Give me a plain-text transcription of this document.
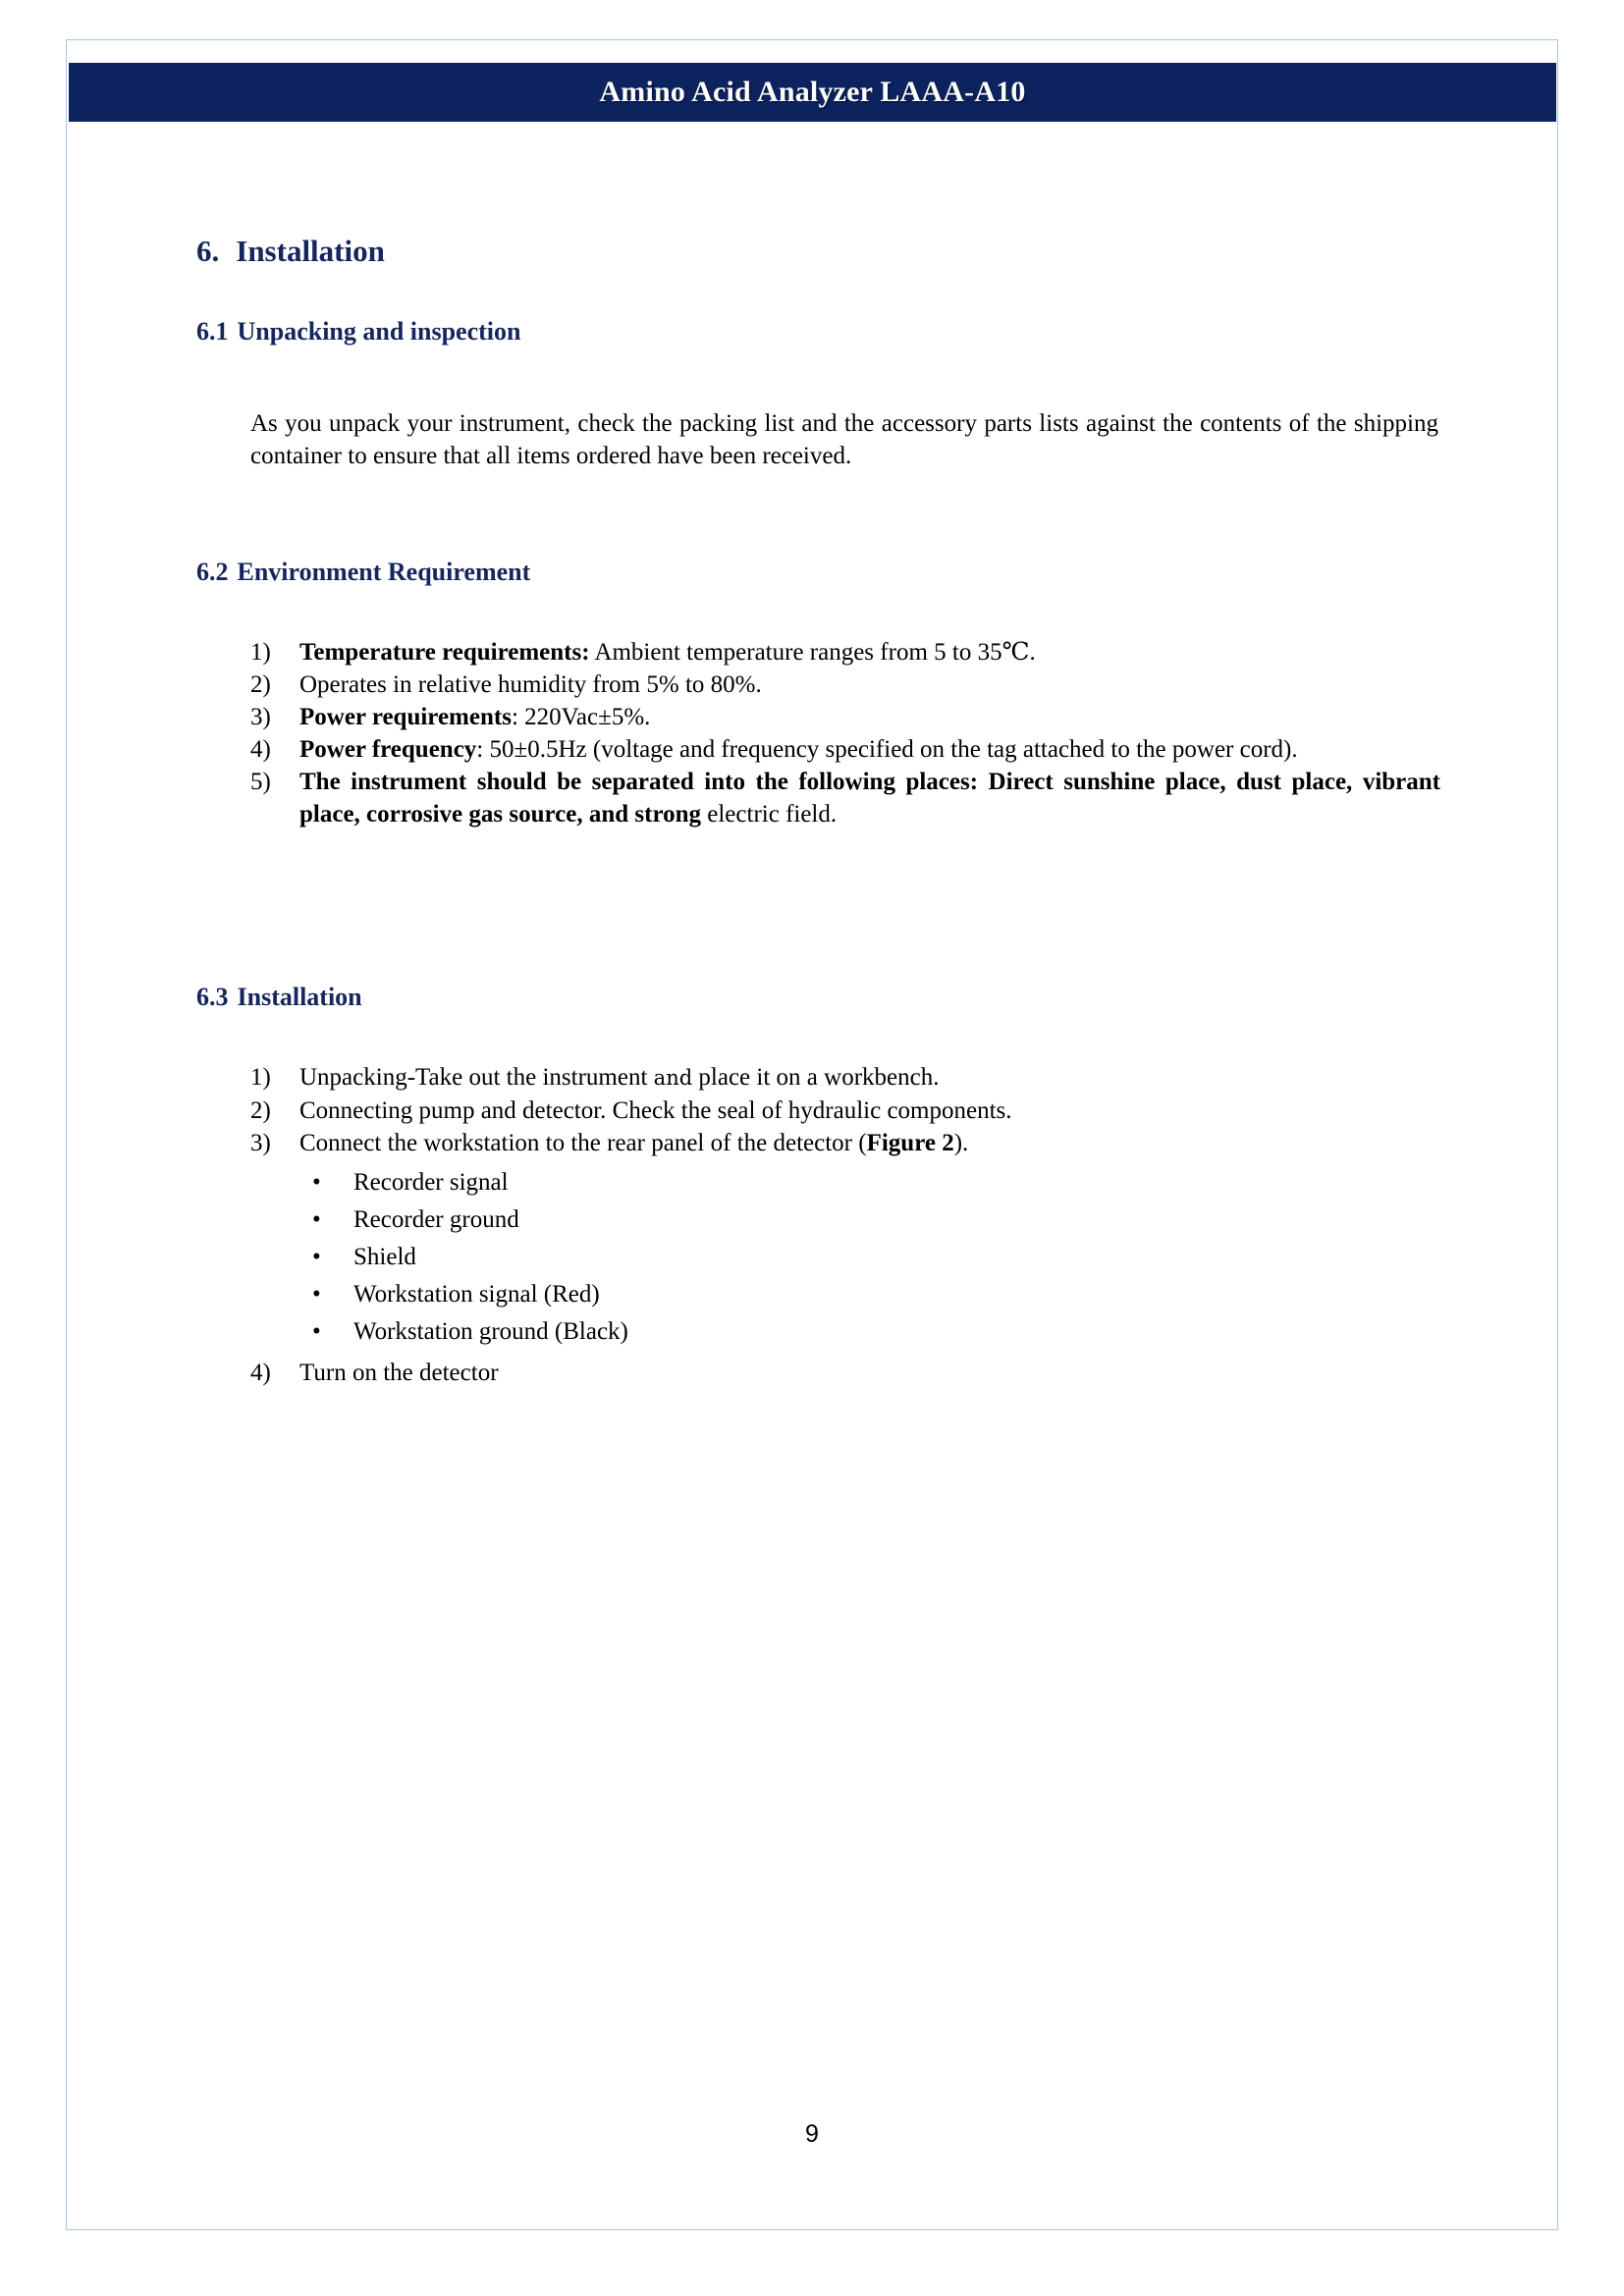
Amino Acid Analyzer LAAA-A10
6. Installation
6.1 Unpacking and inspection
As you unpack your instrument, check the packing list and the accessory parts lists against the contents of the shipping container to ensure that all items ordered have been received.
6.2 Environment Requirement
1)	Temperature requirements: Ambient temperature ranges from 5 to 35℃.
2)	Operates in relative humidity from 5% to 80%.
3)	Power requirements: 220Vac±5%.
4)	Power frequency: 50±0.5Hz (voltage and frequency specified on the tag attached to the power cord).
5)	The instrument should be separated into the following places: Direct sunshine place, dust place, vibrant place, corrosive gas source, and strong electric field.
6.3 Installation
1)	Unpacking-Take out the instrument and place it on a workbench.
2)	Connecting pump and detector. Check the seal of hydraulic components.
3)	Connect the workstation to the rear panel of the detector (Figure 2).
• Recorder signal
• Recorder ground
• Shield
• Workstation signal (Red)
• Workstation ground (Black)
4)	Turn on the detector
9
